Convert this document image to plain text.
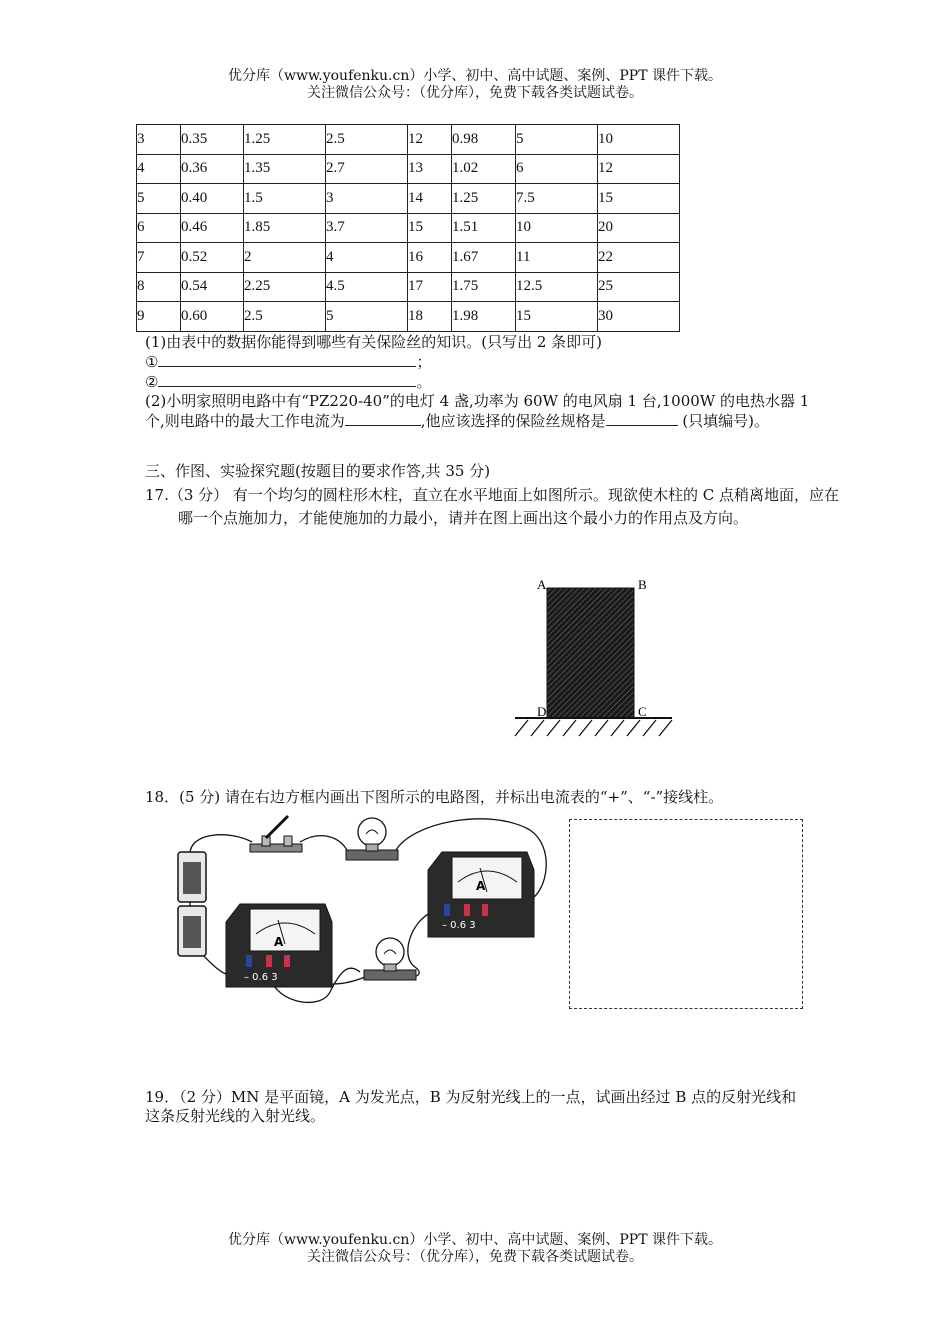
优分库（www.youfenku.cn）小学、初中、高中试题、案例、PPT 课件下载。
关注微信公众号：（优分库），免费下载各类试题试卷。
3	0.35	1.25	2.5	12	0.98	5	10
4	0.36	1.35	2.7	13	1.02	6	12
5	0.40	1.5	3	14	1.25	7.5	15
6	0.46	1.85	3.7	15	1.51	10	20
7	0.52	2	4	16	1.67	11	22
8	0.54	2.25	4.5	17	1.75	12.5	25
9	0.60	2.5	5	18	1.98	15	30
(1)由表中的数据你能得到哪些有关保险丝的知识。(只写出 2 条即可)
①	；
②	。
(2)小明家照明电路中有“PZ220-40”的电灯 4 盏,功率为 60W 的电风扇 1 台,1000W 的电热水器 1 个,则电路中的最大工作电流为	,他应该选择的保险丝规格是	(只填编号)。
三、作图、实验探究题(按题目的要求作答,共 35 分)
17.（3 分） 有一个均匀的圆柱形木柱，直立在水平地面上如图所示。现欲使木柱的 C 点稍离地面，应在哪一个点施加力，才能使施加的力最小，请并在图上画出这个最小力的作用点及方向。
A	B
D	C
18．(5 分) 请在右边方框内画出下图所示的电路图，并标出电流表的“+”、“-”接线柱。
A
– 0.6 3
A
– 0.6 3
19．（2 分）MN 是平面镜，A 为发光点，B 为反射光线上的一点，试画出经过 B 点的反射光线和这条反射光线的入射光线。
优分库（www.youfenku.cn）小学、初中、高中试题、案例、PPT 课件下载。
关注微信公众号：（优分库），免费下载各类试题试卷。
